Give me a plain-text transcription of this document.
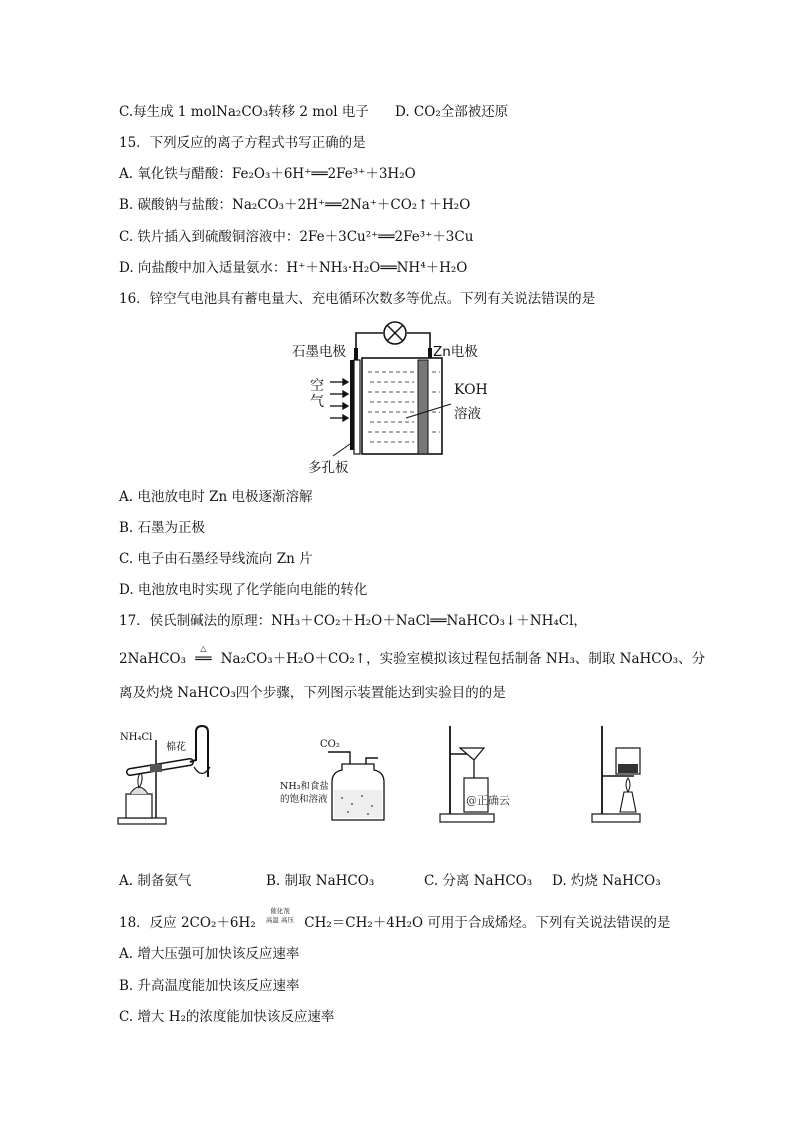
C.每生成 1 molNa₂CO₃转移 2 mol 电子 D. CO₂全部被还原
15．下列反应的离子方程式书写正确的是
A. 氧化铁与醋酸：Fe₂O₃＋6H⁺══2Fe³⁺＋3H₂O
B. 碳酸钠与盐酸：Na₂CO₃＋2H⁺══2Na⁺＋CO₂↑＋H₂O
C. 铁片插入到硫酸铜溶液中：2Fe＋3Cu²⁺══2Fe³⁺＋3Cu
D. 向盐酸中加入适量氨水：H⁺＋NH₃·H₂O══NH⁴＋H₂O
16．锌空气电池具有蓄电量大、充电循环次数多等优点。下列有关说法错误的是
石墨电极	Zn电极
空气
KOH
溶液
多孔板
A. 电池放电时 Zn 电极逐渐溶解
B. 石墨为正极
C. 电子由石墨经导线流向 Zn 片
D. 电池放电时实现了化学能向电能的转化
17．侯氏制碱法的原理：NH₃＋CO₂＋H₂O＋NaCl══NaHCO₃↓＋NH₄Cl，
2NaHCO₃
△
══ Na₂CO₃＋H₂O＋CO₂↑，实验室模拟该过程包括制备 NH₃、制取 NaHCO₃、分
离及灼烧 NaHCO₃四个步骤，下列图示装置能达到实验目的的是
NH₄Cl
棉花	CO₂
NH₃和食盐
的饱和溶液	@正确云
A. 制备氨气	B. 制取 NaHCO₃	C. 分离 NaHCO₃ D. 灼烧 NaHCO₃
18．反应 2CO₂＋6H₂
催化剂
高温 高压 CH₂＝CH₂＋4H₂O 可用于合成烯烃。下列有关说法错误的是
A. 增大压强可加快该反应速率
B. 升高温度能加快该反应速率
C. 增大 H₂的浓度能加快该反应速率
